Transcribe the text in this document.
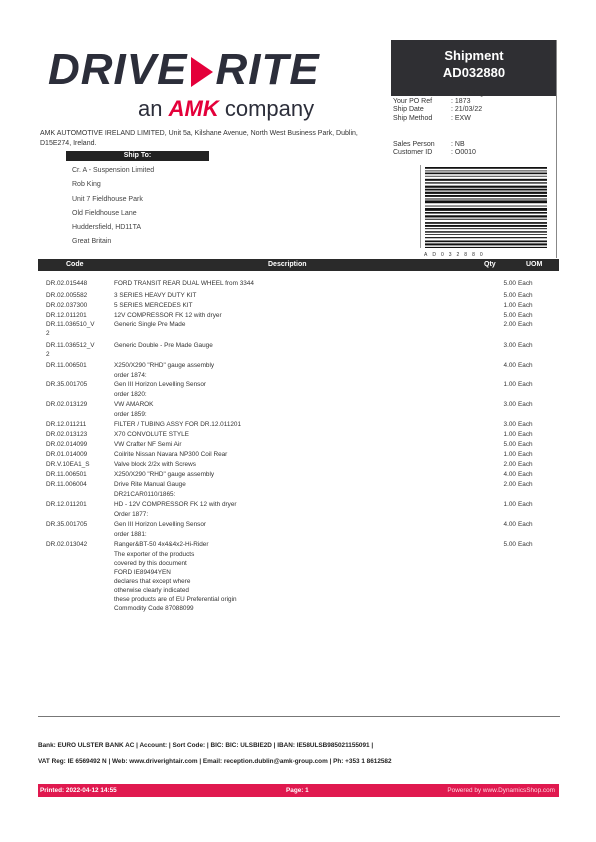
DRIVE RITE
an AMK company
AMK AUTOMOTIVE IRELAND LIMITED, Unit 5a, Kilshane Avenue, North West Business Park, Dublin, D15E274, Ireland.
Ship To:
Cr. A - Suspension Limited
Rob King
Unit 7 Fieldhouse Park
Old Fieldhouse Lane
Huddersfield, HD11TA
Great Britain
Shipment
AD032880
Your Contact	: Rob King
Your PO Ref	: 1873
Ship Date	: 21/03/22
Ship Method	: EXW

Sales Person	: NB
Customer ID	: O0010
AD032880
Code	Description	Qty	UOM
DR.02.015448	FORD TRANSIT REAR DUAL WHEEL from 3344	5.00 Each
DR.02.005582	3 SERIES HEAVY DUTY KIT	5.00 Each
DR.02.037300	5 SERIES MERCEDES KIT	1.00 Each
DR.12.011201	12V COMPRESSOR FK 12 with dryer	5.00 Each
DR.11.036510_V	Generic Single Pre Made	2.00 Each
2
DR.11.036512_V	Generic Double - Pre Made Gauge	3.00 Each
2
DR.11.006501	X250/X290 "RHD" gauge assembly	4.00 Each
order 1874:
DR.35.001705	Gen III Horizon Levelling Sensor	1.00 Each
order 1820:
DR.02.013129	VW AMAROK	3.00 Each
order 1859:
DR.12.011211	FILTER / TUBING ASSY FOR DR.12.011201	3.00 Each
DR.02.013123	X70 CONVOLUTE STYLE	1.00 Each
DR.02.014099	VW Crafter NF Semi Air	5.00 Each
DR.01.014009	Coilrite Nissan Navara NP300 Coil Rear	1.00 Each
DR.V.10EA1_S	Valve block 2/2x with Screws	2.00 Each
DR.11.006501	X250/X290 "RHD" gauge assembly	4.00 Each
DR.11.006004	Drive Rite Manual Gauge	2.00 Each
DR21CAR0110/1865:
DR.12.011201	HD - 12V COMPRESSOR FK 12 with dryer	1.00 Each
Order 1877:
DR.35.001705	Gen III Horizon Levelling Sensor	4.00 Each
order 1881:
DR.02.013042	Ranger&BT-50 4x4&4x2-Hi-Rider	5.00 Each
The exporter of the products
covered by this document
FORD IE89494YEN
declares that except where
otherwise clearly indicated
these products are of EU Preferential origin
Commodity Code 87088099
Bank: EURO ULSTER BANK AC | Account: | Sort Code: | BIC: BIC: ULSBIE2D | IBAN: IE58ULSB985021155091 |
VAT Reg: IE 6569492 N | Web: www.driverightair.com | Email: reception.dublin@amk-group.com | Ph: +353 1 8612582
Printed: 2022-04-12 14:55	Page: 1	Powered by www.DynamicsShop.com
